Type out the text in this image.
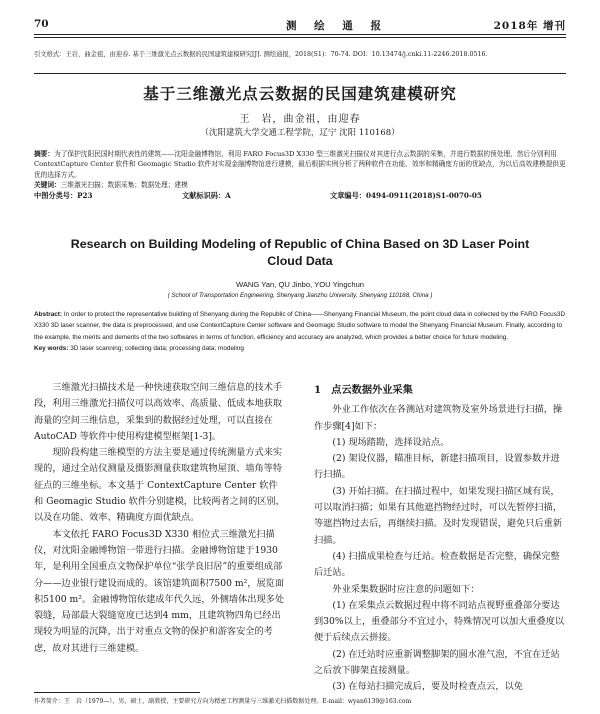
70	测 绘 通 报	2018年 增刊
引文格式：王岩，曲金祖，由迎春. 基于三维激光点云数据的民国建筑建模研究[J]. 测绘通报，2018(S1)：70-74. DOI：10.13474/j.cnki.11-2246.2018.0516.
基于三维激光点云数据的民国建筑建模研究
王　岩，曲金祖，由迎春
（沈阳建筑大学交通工程学院，辽宁 沈阳 110168）
摘要：为了保护沈阳民国时期代表性的建筑——沈阳金融博物馆，利用 FARO Focus3D X330 型三维激光扫描仪对其进行点云数据的采集，并进行数据的预处理，然后分别利用 ContextCapture Center 软件和 Geomagic Studio 软件对实现金融博物馆进行建模，最后根据实例分析了两种软件在功能、效率和精确度方面的优缺点，为以后高效建模提供更优的选择方式。
关键词：三维激光扫描；数据采集；数据处理；建模
中图分类号：P23	文献标识码：A	文章编号：0494-0911(2018)S1-0070-05
Research on Building Modeling of Republic of China Based on 3D Laser Point Cloud Data
WANG Yan, QU Jinbo, YOU Yingchun
( School of Transportation Engineering, Shenyang Jianzhu University, Shenyang 110168, China )
Abstract: In order to protect the representative building of Shenyang during the Republic of China——Shenyang Financial Museum, the point cloud data in collected by the FARO Focus3D X330 3D laser scanner, the data is preprocessed, and use ContextCapture Center software and Geomagic Studio software to model the Shenyang Financial Museum. Finally, according to the example, the merits and demerits of the two softwares in terms of function, efficiency and accuracy are analyzed, which provides a better choice for future modeling.
Key words: 3D laser scanning; collecting data; processing data; modeling

三维激光扫描技术是一种快速获取空间三维信息的技术手段，利用三维激光扫描仪可以高效率、高质量、低成本地获取海量的空间三维信息，采集到的数据经过处理，可以直接在 AutoCAD 等软件中使用构建模型框架[1-3]。

现阶段构建三维模型的方法主要是通过传统测量方式来实现的，通过全站仪测量及摄影测量获取建筑物屋顶、墙角等特征点的三维坐标。本文基于 ContextCapture Center 软件和 Geomagic Studio 软件分别建模，比较两者之间的区别，以及在功能、效率、精确度方面优缺点。

本文依托 FARO Focus3D X330 相位式三维激光扫描仪，对沈阳金融博物馆一带进行扫描。金融博物馆建于1930年，是利用全国重点文物保护单位“张学良旧居”的重要组成部分——边业银行建设而成的。该馆建筑面积7500 m²，展览面积5100 m²。金融博物馆依建成年代久远，外侧墙体出现多处裂缝，局部最大裂缝宽度已达到4 mm，且建筑物四角已经出现较为明显的沉降，出于对重点文物的保护和游客安全的考虑，故对其进行三维建模。

1　点云数据外业采集

外业工作依次在各测站对建筑物及室外场景进行扫描，操作步骤[4]如下：

(1) 现场踏勘，选择设站点。

(2) 架设仪器，瞄准目标，新建扫描项目，设置参数并进行扫描。

(3) 开始扫描。在扫描过程中，如果发现扫描区域有误，可以取消扫描；如果有其他遮挡物经过时，可以先暂停扫描，等遮挡物过去后，再继续扫描。及时发现错误，避免只后重新扫描。

(4) 扫描成果检查与迁站。检查数据是否完整，确保完整后迁站。

外业采集数据时应注意的问题如下：

(1) 在采集点云数据过程中将不同站点视野重叠部分要达到30%以上，重叠部分不宜过小，特殊情况可以加大重叠度以便于后续点云拼接。

(2) 在迁站时应重新调整脚架的圆水准气泡，不宜在迁站之后放下脚架直接测量。

(3) 在每站扫描完成后，要及时检查点云，以免

作者简介：王　岩（1979—），男，硕士，副教授，主要研究方向为精密工程测量与三维激光扫描数据处理。E-mail：wyan6139@163.com
